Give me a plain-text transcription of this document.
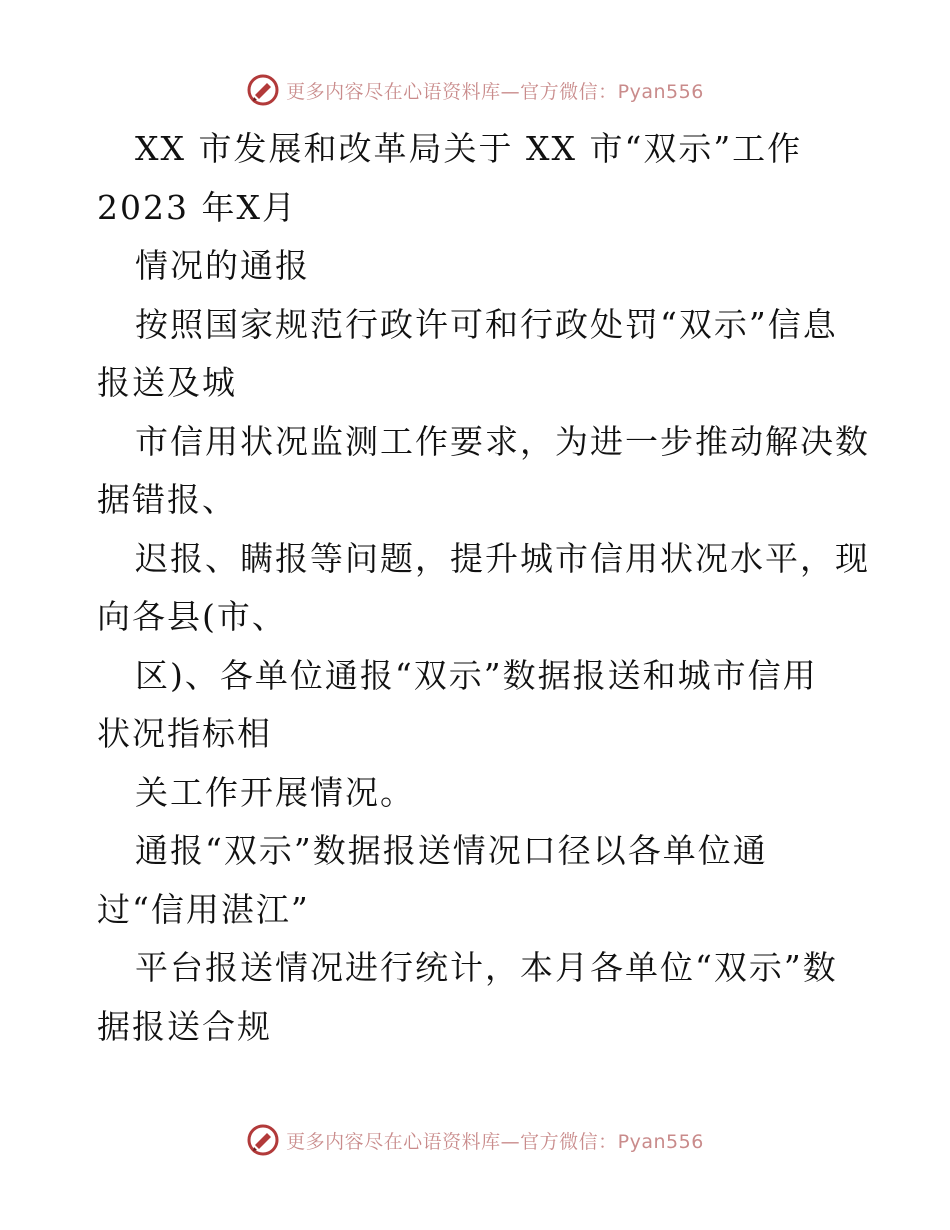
更多内容尽在心语资料库—官方微信：Pyan556
XX 市发展和改革局关于 XX 市“双示”工作
2023 年X月
情况的通报
按照国家规范行政许可和行政处罚“双示”信息
报送及城
市信用状况监测工作要求，为进一步推动解决数
据错报、
迟报、瞒报等问题，提升城市信用状况水平，现
向各县(市、
区)、各单位通报“双示”数据报送和城市信用
状况指标相
关工作开展情况。
通报“双示”数据报送情况口径以各单位通
过“信用湛江”
平台报送情况进行统计，本月各单位“双示”数
据报送合规
更多内容尽在心语资料库—官方微信：Pyan556
